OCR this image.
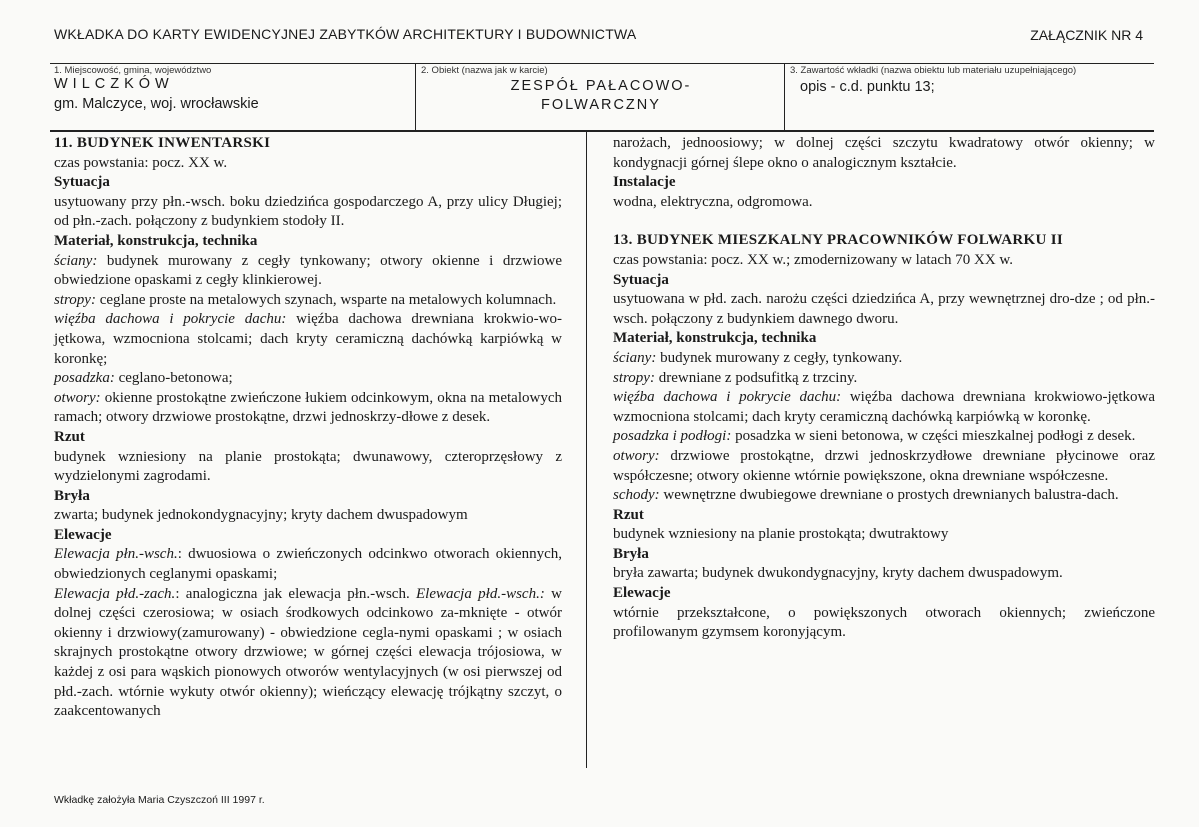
WKŁADKA DO KARTY EWIDENCYJNEJ ZABYTKÓW ARCHITEKTURY I BUDOWNICTWA	ZAŁĄCZNIK NR 4
1. Miejscowość, gmina, województwo
WILCZKÓW
gm. Malczyce, woj. wrocławskie
2. Obiekt (nazwa jak w karcie)
ZESPÓŁ PAŁACOWO-
FOLWARCZNY
3. Zawartość wkładki (nazwa obiektu lub materiału uzupełniającego)
opis - c.d. punktu 13;
11. BUDYNEK INWENTARSKI

czas powstania: pocz. XX w.

Sytuacja

usytuowany przy płn.-wsch. boku dziedzińca gospodarczego A, przy ulicy Długiej; od płn.-zach. połączony z budynkiem stodoły II.

Materiał, konstrukcja, technika

ściany: budynek murowany z cegły tynkowany; otwory okienne i drzwiowe obwiedzione opaskami z cegły klinkierowej.

stropy: ceglane proste na metalowych szynach, wsparte na metalowych kolumnach.

więźba dachowa i pokrycie dachu: więźba dachowa drewniana krokwio-wo-jętkowa, wzmocniona stolcami; dach kryty ceramiczną dachówką karpiówką w koronkę;

posadzka: ceglano-betonowa;

otwory: okienne prostokątne zwieńczone łukiem odcinkowym, okna na metalowych ramach; otwory drzwiowe prostokątne, drzwi jednoskrzy-dłowe z desek.

Rzut

budynek wzniesiony na planie prostokąta; dwunawowy, czteroprzęsłowy z wydzielonymi zagrodami.

Bryła

zwarta; budynek jednokondygnacyjny; kryty dachem dwuspadowym

Elewacje

Elewacja płn.-wsch.: dwuosiowa o zwieńczonych odcinkwo otworach okiennych, obwiedzionych ceglanymi opaskami;

Elewacja płd.-zach.: analogiczna jak elewacja płn.-wsch. Elewacja płd.-wsch.: w dolnej części czerosiowa; w osiach środkowych odcinkowo za-mknięte - otwór okienny i drzwiowy(zamurowany) - obwiedzione cegla-nymi opaskami ; w osiach skrajnych prostokątne otwory drzwiowe; w górnej części elewacja trójosiowa, w każdej z osi para wąskich pionowych otworów wentylacyjnych (w osi pierwszej od płd.-zach. wtórnie wykuty otwór okienny); wieńczący elewację trójkątny szczyt, o zaakcentowanych

narożach, jednoosiowy; w dolnej części szczytu kwadratowy otwór okienny; w kondygnacji górnej ślepe okno o analogicznym kształcie.

Instalacje

wodna, elektryczna, odgromowa.

13. BUDYNEK MIESZKALNY PRACOWNIKÓW FOLWARKU II

czas powstania: pocz. XX w.; zmodernizowany w latach 70 XX w.

Sytuacja

usytuowana w płd. zach. narożu części dziedzińca A, przy wewnętrznej dro-dze ; od płn.- wsch. połączony z budynkiem dawnego dworu.

Materiał, konstrukcja, technika

ściany: budynek murowany z cegły, tynkowany.

stropy: drewniane z podsufitką z trzciny.

więźba dachowa i pokrycie dachu: więźba dachowa drewniana krokwiowo-jętkowa wzmocniona stolcami; dach kryty ceramiczną dachówką karpiówką w koronkę.

posadzka i podłogi: posadzka w sieni betonowa, w części mieszkalnej podłogi z desek.

otwory: drzwiowe prostokątne, drzwi jednoskrzydłowe drewniane płycinowe oraz współczesne; otwory okienne wtórnie powiększone, okna drewniane współczesne.

schody: wewnętrzne dwubiegowe drewniane o prostych drewnianych balustra-dach.

Rzut

budynek wzniesiony na planie prostokąta; dwutraktowy

Bryła

bryła zawarta; budynek dwukondygnacyjny, kryty dachem dwuspadowym.

Elewacje

wtórnie przekształcone, o powiększonych otworach okiennych; zwieńczone profilowanym gzymsem koronyjącym.

Wkładkę założyła Maria Czyszczoń III 1997 r.
